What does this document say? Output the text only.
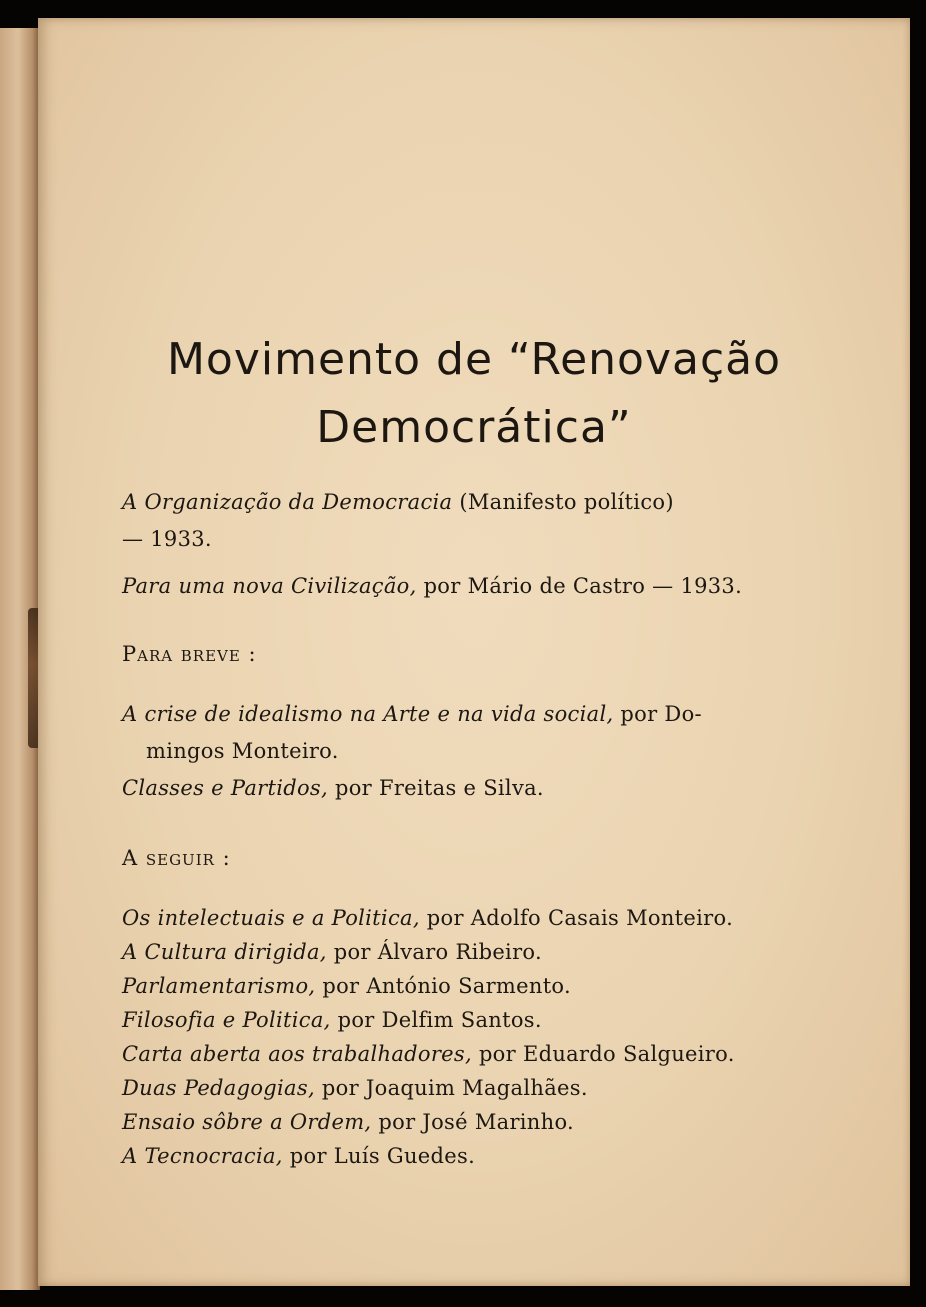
Movimento de “Renovação
Democrática”
A Organização da Democracia (Manifesto político)
— 1933.
Para uma nova Civilização, por Mário de Castro — 1933.
Para breve :
A crise de idealismo na Arte e na vida social, por Do-
mingos Monteiro.
Classes e Partidos, por Freitas e Silva.
A seguir :
Os intelectuais e a Politica, por Adolfo Casais Monteiro.
A Cultura dirigida, por Álvaro Ribeiro.
Parlamentarismo, por António Sarmento.
Filosofia e Politica, por Delfim Santos.
Carta aberta aos trabalhadores, por Eduardo Salgueiro.
Duas Pedagogias, por Joaquim Magalhães.
Ensaio sôbre a Ordem, por José Marinho.
A Tecnocracia, por Luís Guedes.
